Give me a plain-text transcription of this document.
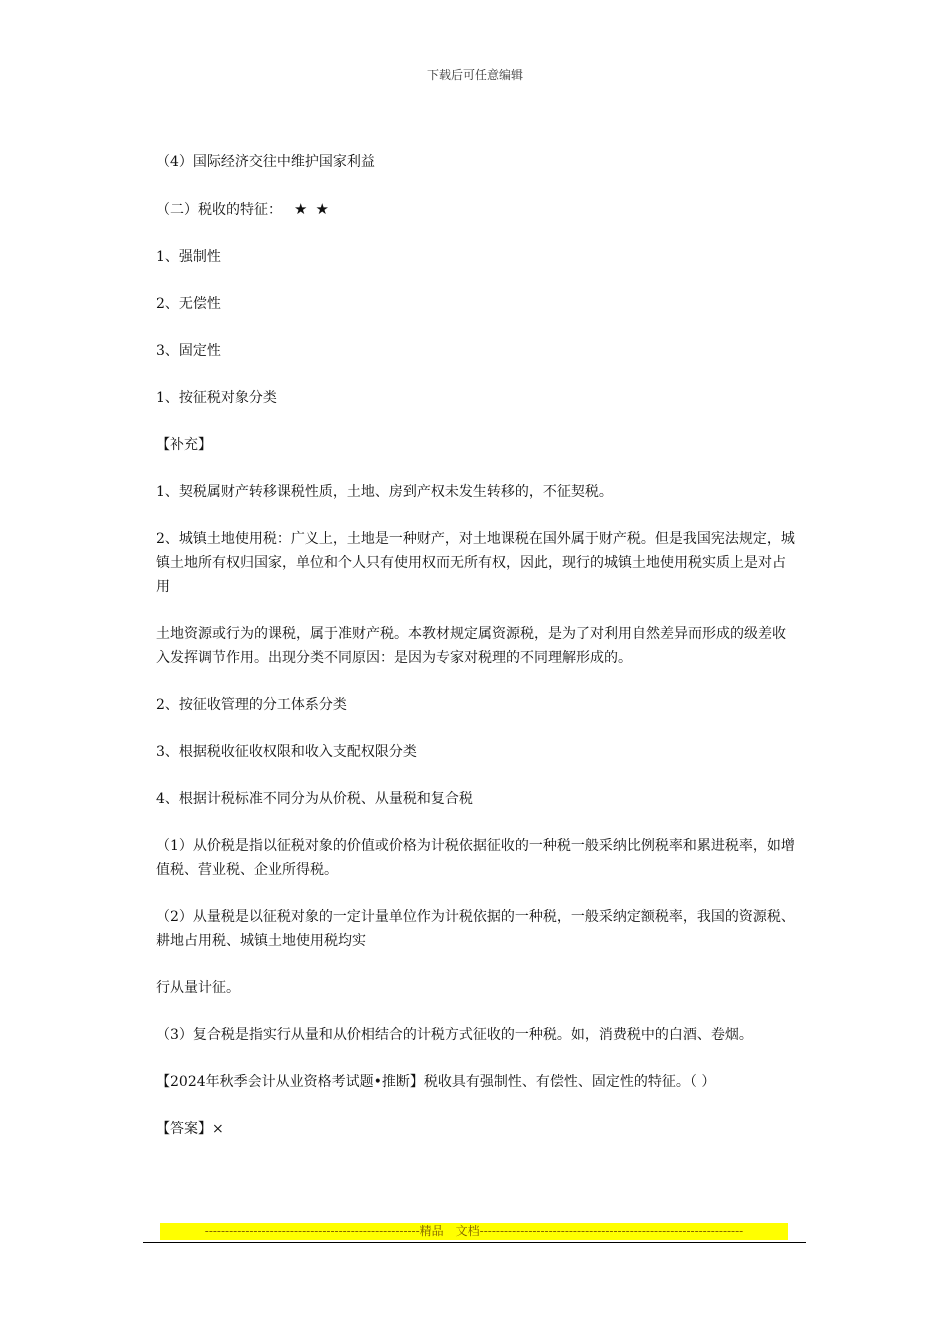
下载后可任意编辑

（4）国际经济交往中维护国家利益

（二）税收的特征： ★★

1、强制性

2、无偿性

3、固定性

1、按征税对象分类

【补充】

1、契税属财产转移课税性质，土地、房到产权未发生转移的，不征契税。

2、城镇土地使用税：广义上，土地是一种财产，对土地课税在国外属于财产税。但是我国宪法规定，城镇土地所有权归国家，单位和个人只有使用权而无所有权，因此，现行的城镇土地使用税实质上是对占用

土地资源或行为的课税，属于准财产税。本教材规定属资源税，是为了对利用自然差异而形成的级差收入发挥调节作用。出现分类不同原因：是因为专家对税理的不同理解形成的。

2、按征收管理的分工体系分类

3、根据税收征收权限和收入支配权限分类

4、根据计税标准不同分为从价税、从量税和复合税

（1）从价税是指以征税对象的价值或价格为计税依据征收的一种税一般采纳比例税率和累进税率，如增值税、营业税、企业所得税。

（2）从量税是以征税对象的一定计量单位作为计税依据的一种税，一般采纳定额税率，我国的资源税、耕地占用税、城镇土地使用税均实

行从量计征。

（3）复合税是指实行从量和从价相结合的计税方式征收的一种税。如，消费税中的白酒、卷烟。

【2024年秋季会计从业资格考试题•推断】税收具有强制性、有偿性、固定性的特征。（ ）

【答案】×

-----------------------------------------------------精品　文档-----------------------------------------------------------------
